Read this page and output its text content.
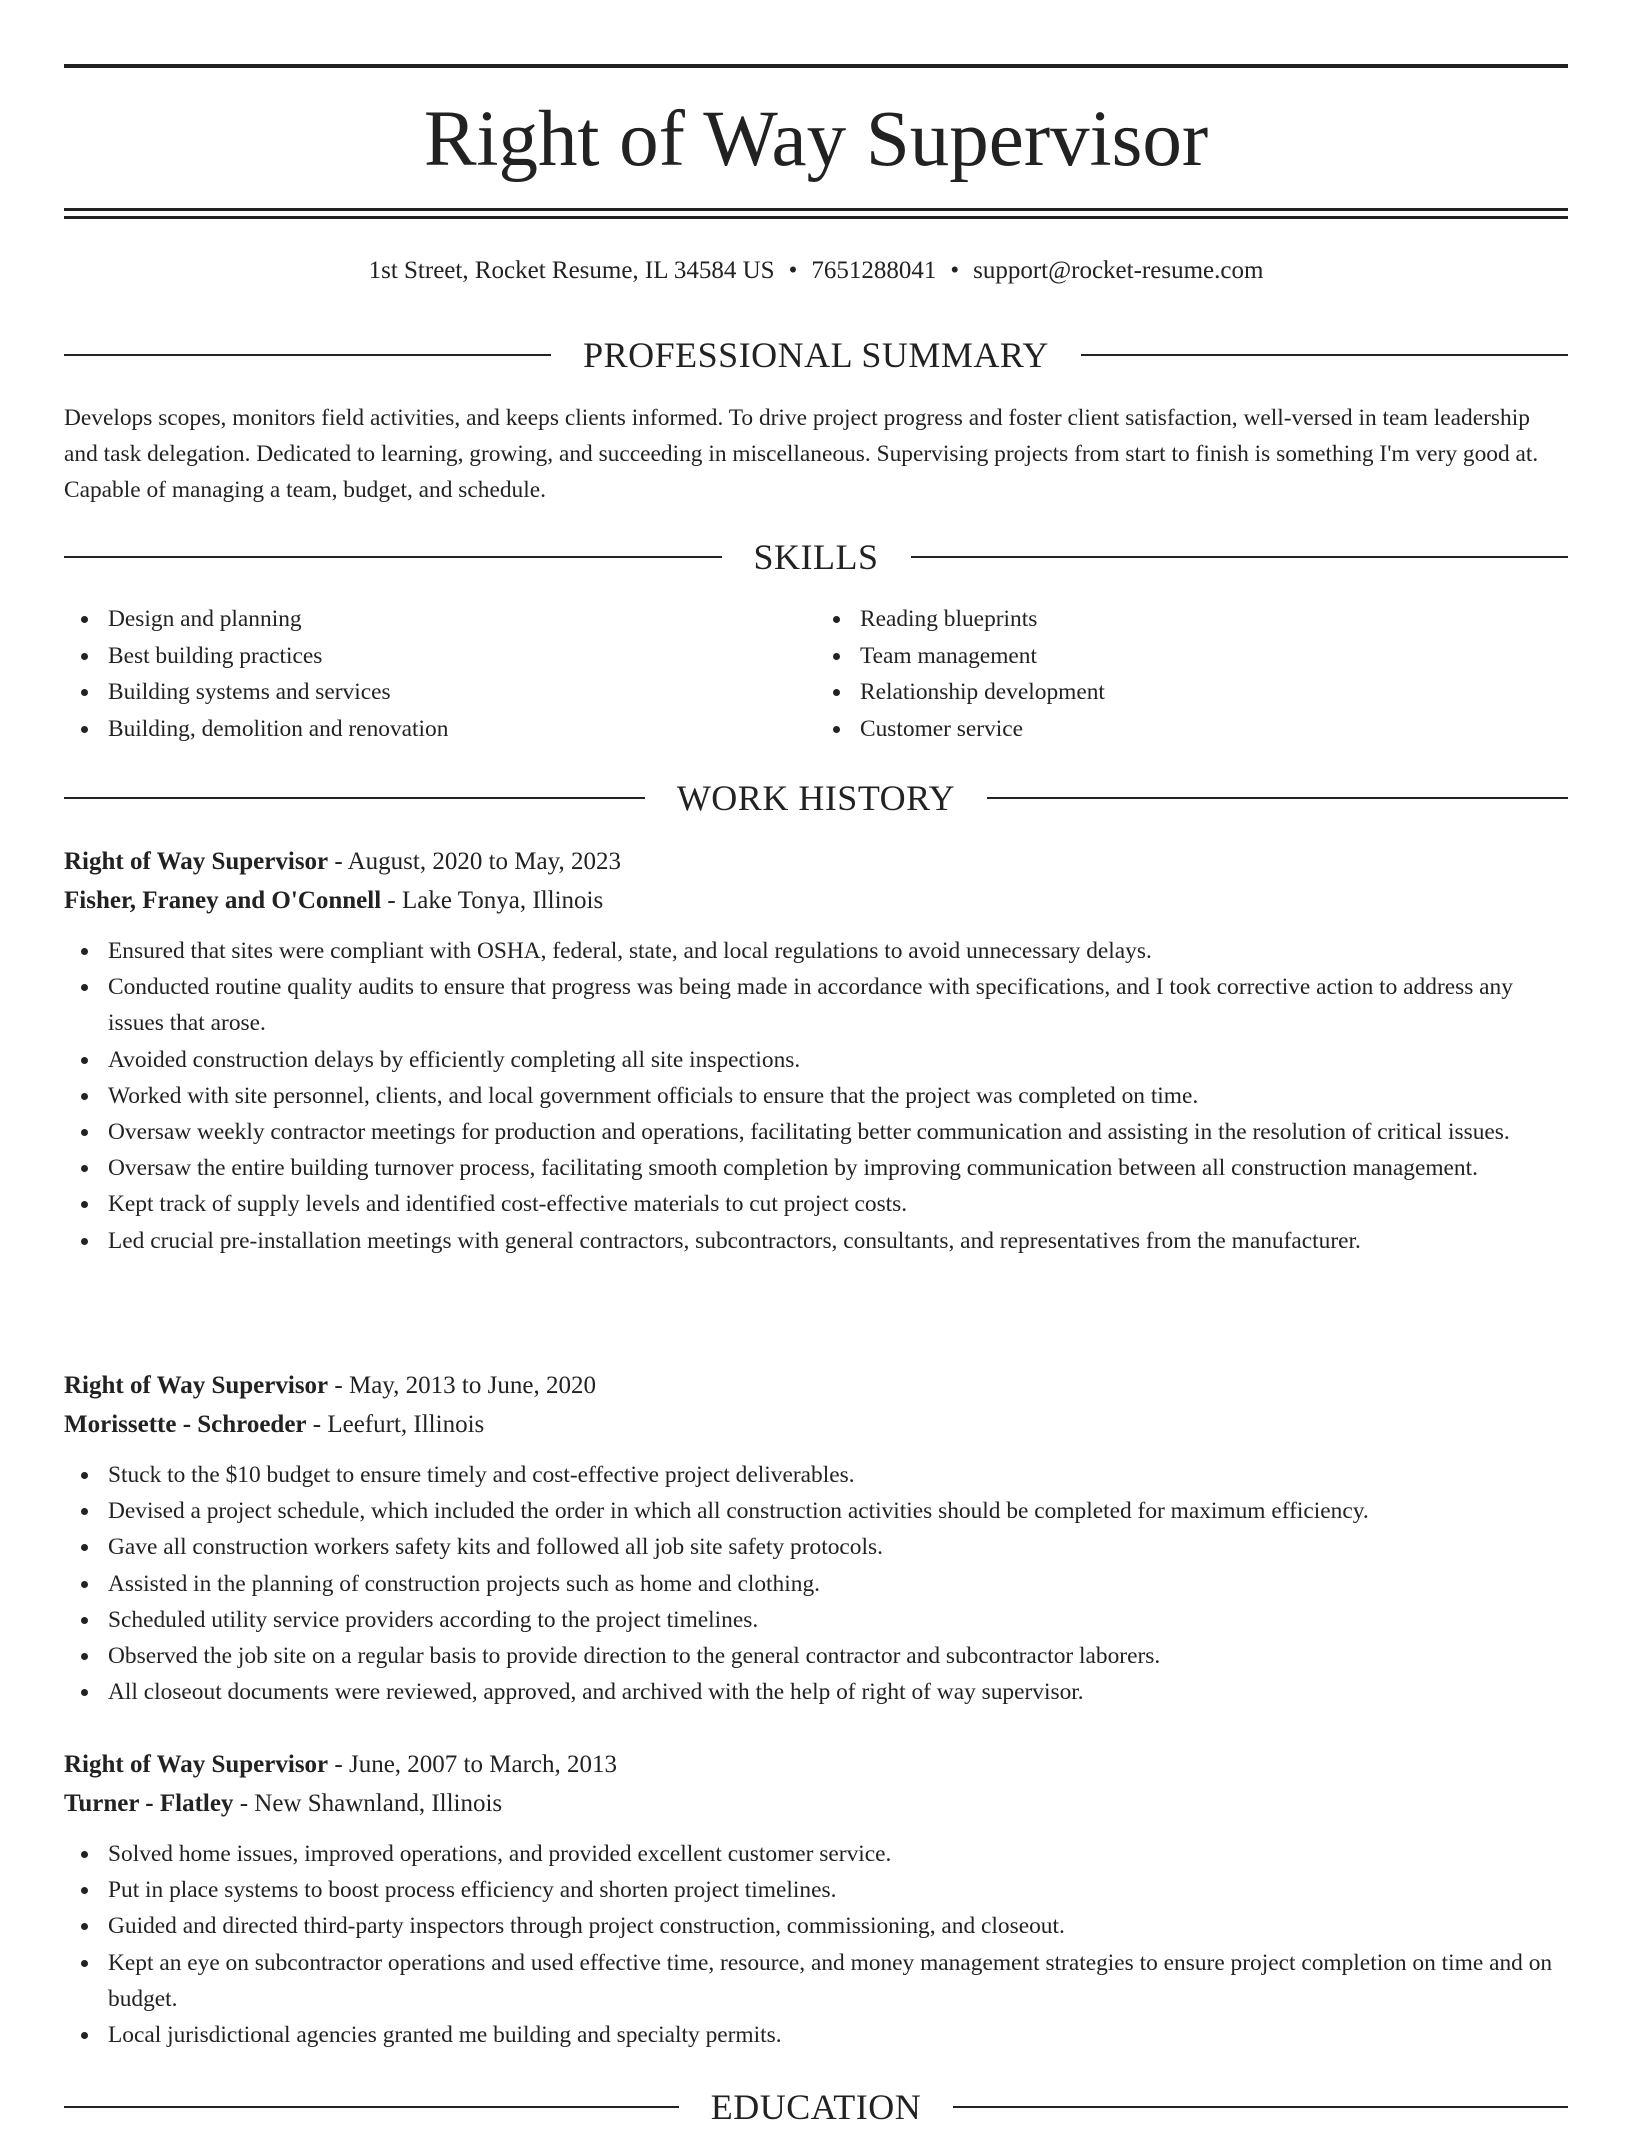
Right of Way Supervisor
1st Street, Rocket Resume, IL 34584 US • 7651288041 • support@rocket-resume.com
PROFESSIONAL SUMMARY

Develops scopes, monitors field activities, and keeps clients informed. To drive project progress and foster client satisfaction, well-versed in team leadership and task delegation. Dedicated to learning, growing, and succeeding in miscellaneous. Supervising projects from start to finish is something I'm very good at. Capable of managing a team, budget, and schedule.

SKILLS
Design and planning
Best building practices
Building systems and services
Building, demolition and renovation
Reading blueprints
Team management
Relationship development
Customer service
WORK HISTORY
Right of Way Supervisor - August, 2020 to May, 2023
Fisher, Franey and O'Connell - Lake Tonya, Illinois
Ensured that sites were compliant with OSHA, federal, state, and local regulations to avoid unnecessary delays.
Conducted routine quality audits to ensure that progress was being made in accordance with specifications, and I took corrective action to address any issues that arose.
Avoided construction delays by efficiently completing all site inspections.
Worked with site personnel, clients, and local government officials to ensure that the project was completed on time.
Oversaw weekly contractor meetings for production and operations, facilitating better communication and assisting in the resolution of critical issues.
Oversaw the entire building turnover process, facilitating smooth completion by improving communication between all construction management.
Kept track of supply levels and identified cost-effective materials to cut project costs.
Led crucial pre-installation meetings with general contractors, subcontractors, consultants, and representatives from the manufacturer.
Right of Way Supervisor - May, 2013 to June, 2020
Morissette - Schroeder - Leefurt, Illinois
Stuck to the $10 budget to ensure timely and cost-effective project deliverables.
Devised a project schedule, which included the order in which all construction activities should be completed for maximum efficiency.
Gave all construction workers safety kits and followed all job site safety protocols.
Assisted in the planning of construction projects such as home and clothing.
Scheduled utility service providers according to the project timelines.
Observed the job site on a regular basis to provide direction to the general contractor and subcontractor laborers.
All closeout documents were reviewed, approved, and archived with the help of right of way supervisor.
Right of Way Supervisor - June, 2007 to March, 2013
Turner - Flatley - New Shawnland, Illinois
Solved home issues, improved operations, and provided excellent customer service.
Put in place systems to boost process efficiency and shorten project timelines.
Guided and directed third-party inspectors through project construction, commissioning, and closeout.
Kept an eye on subcontractor operations and used effective time, resource, and money management strategies to ensure project completion on time and on budget.
Local jurisdictional agencies granted me building and specialty permits.
EDUCATION
